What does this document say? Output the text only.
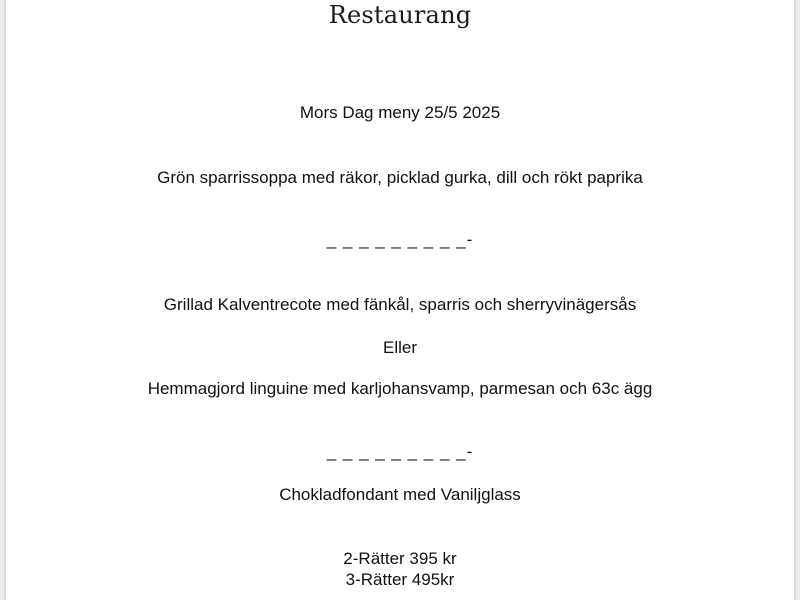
Restaurang
Mors Dag meny 25/5 2025
Grön sparrissoppa med räkor, picklad gurka, dill och rökt paprika
_ _ _ _ _ _ _ _ _-
Grillad Kalventrecote med fänkål, sparris och sherryvinägersås
Eller
Hemmagjord linguine med karljohansvamp, parmesan och 63c ägg
_ _ _ _ _ _ _ _ _-
Chokladfondant med Vaniljglass
2-Rätter 395 kr
3-Rätter 495kr
